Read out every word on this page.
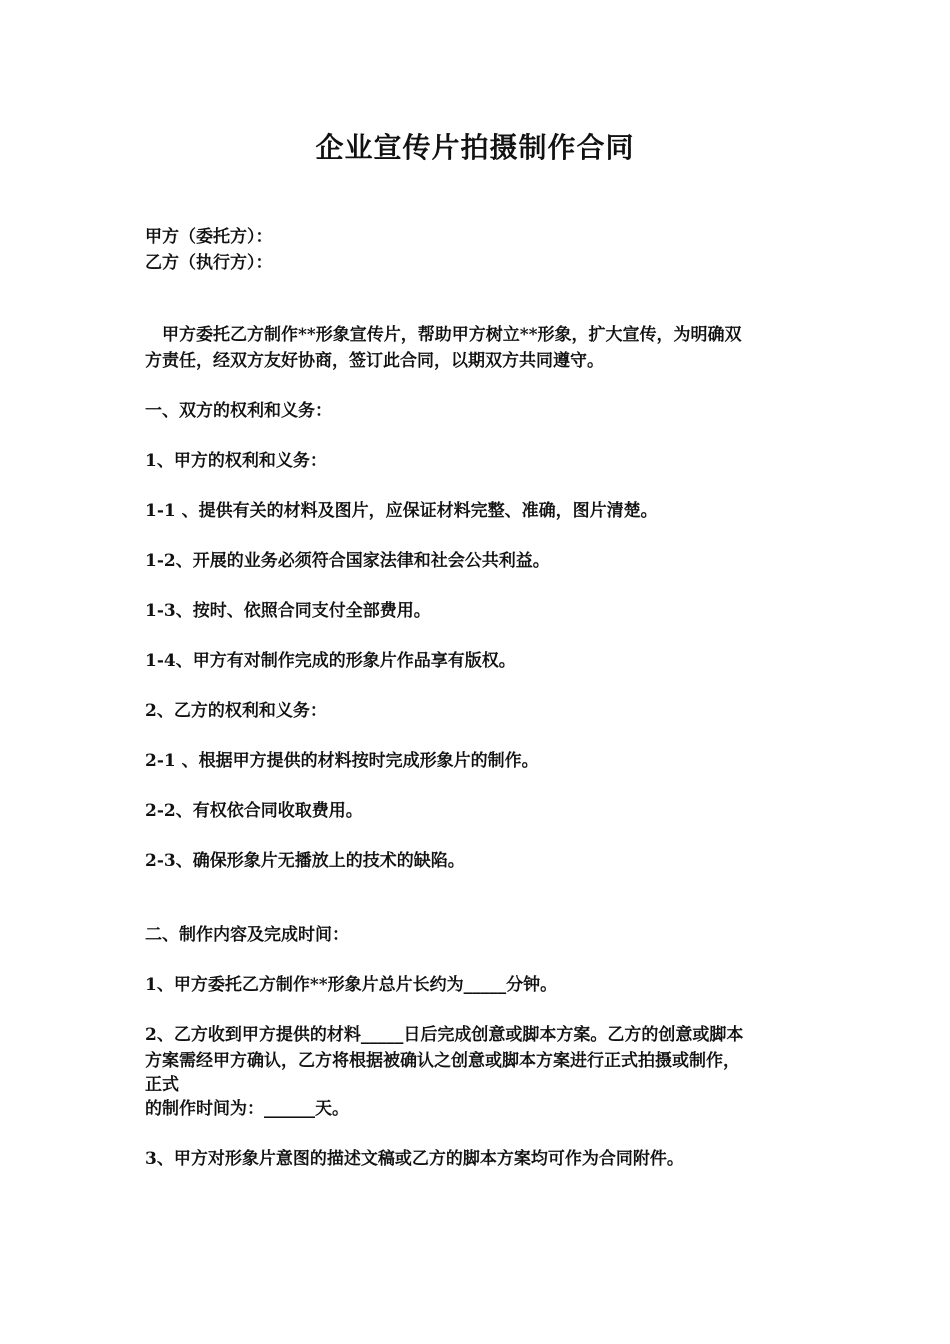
企业宣传片拍摄制作合同
甲方（委托方）：
乙方（执行方）：
　甲方委托乙方制作**形象宣传片，帮助甲方树立**形象，扩大宣传，为明确双
方责任，经双方友好协商，签订此合同，以期双方共同遵守。
一、双方的权利和义务：
1、甲方的权利和义务：
1-1 、提供有关的材料及图片，应保证材料完整、准确，图片清楚。
1-2、开展的业务必须符合国家法律和社会公共利益。
1-3、按时、依照合同支付全部费用。
1-4、甲方有对制作完成的形象片作品享有版权。
2、乙方的权利和义务：
2-1 、根据甲方提供的材料按时完成形象片的制作。
2-2、有权依合同收取费用。
2-3、确保形象片无播放上的技术的缺陷。
二、制作内容及完成时间：
1、甲方委托乙方制作**形象片总片长约为_____分钟。
2、乙方收到甲方提供的材料_____日后完成创意或脚本方案。乙方的创意或脚本
方案需经甲方确认，乙方将根据被确认之创意或脚本方案进行正式拍摄或制作，
正式
的制作时间为：______天。
3、甲方对形象片意图的描述文稿或乙方的脚本方案均可作为合同附件。
